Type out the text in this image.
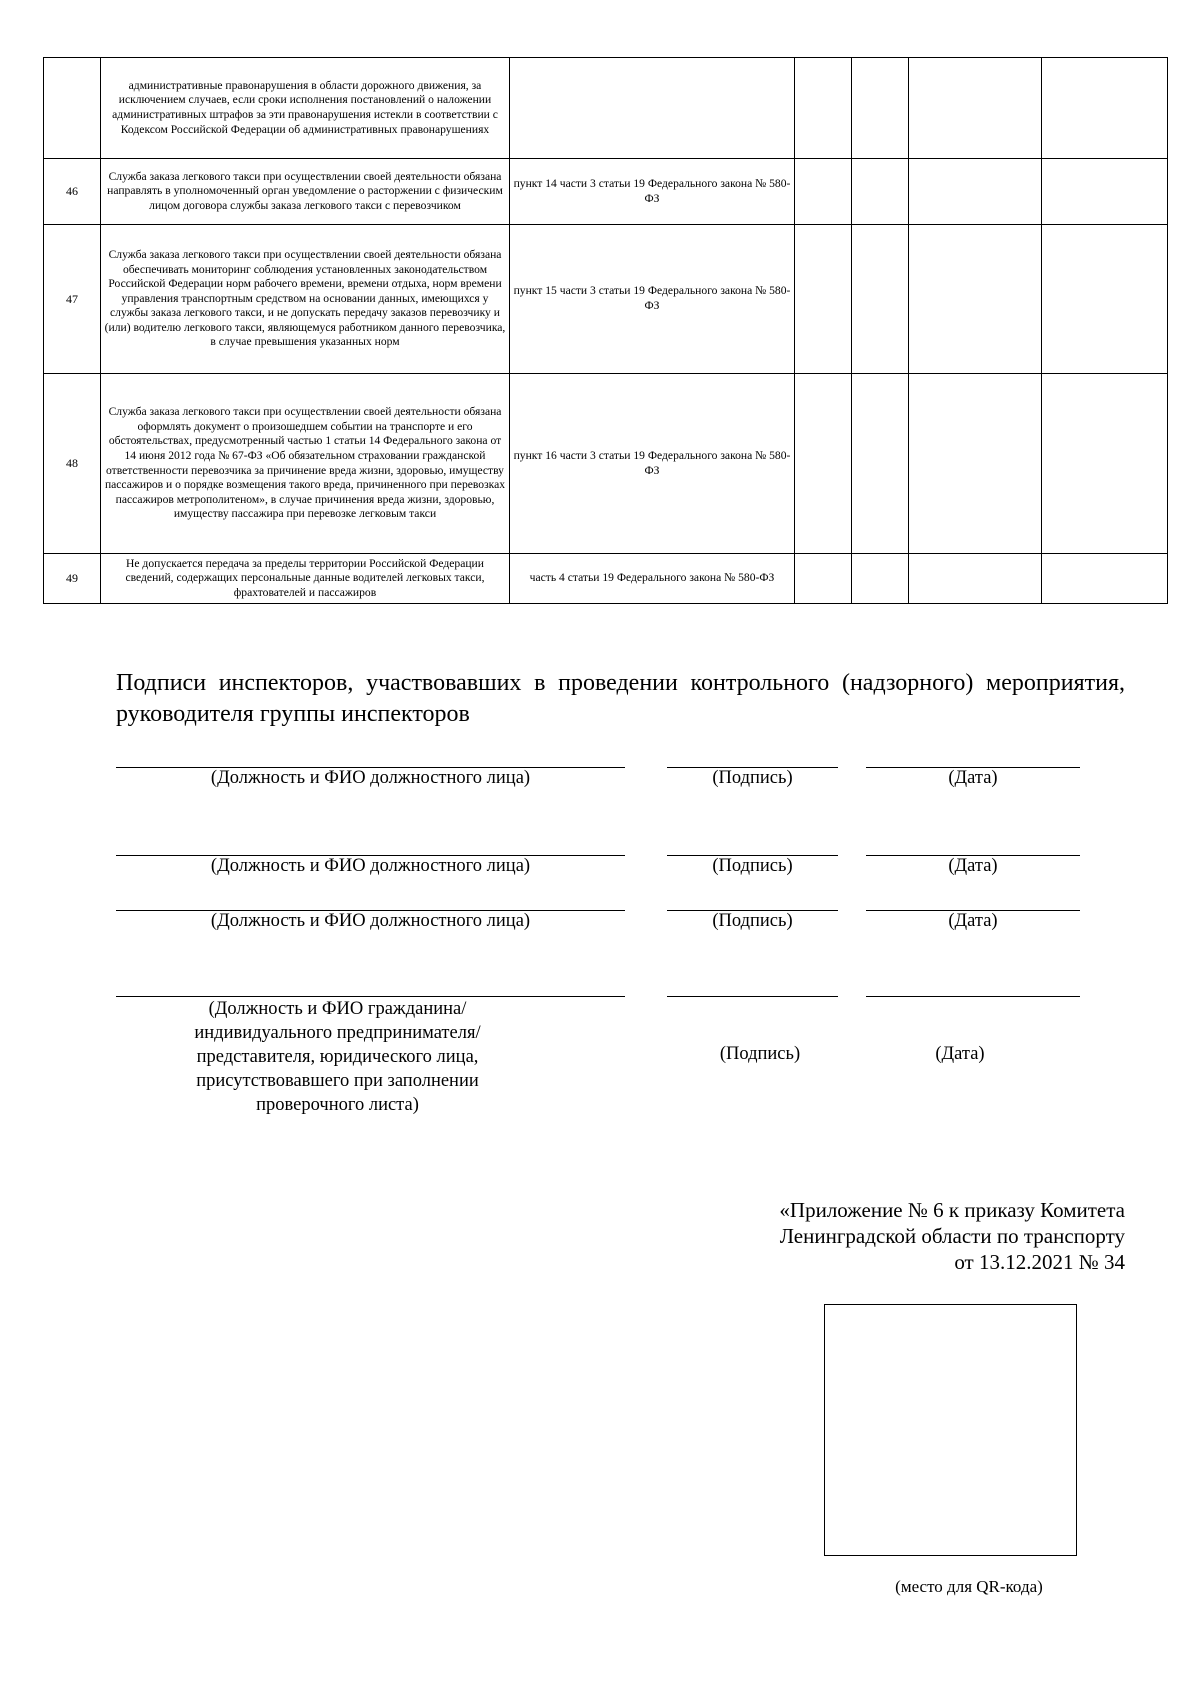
	административные правонарушения в области дорожного движения, за исключением случаев, если сроки исполнения постановлений о наложении административных штрафов за эти правонарушения истекли в соответствии с Кодексом Российской Федерации об административных правонарушениях					
46	Служба заказа легкового такси при осуществлении своей деятельности обязана направлять в уполномоченный орган уведомление о расторжении с физическим лицом договора службы заказа легкового такси с перевозчиком	пункт 14 части 3 статьи 19 Федерального закона № 580-ФЗ				
47	Служба заказа легкового такси при осуществлении своей деятельности обязана обеспечивать мониторинг соблюдения установленных законодательством Российской Федерации норм рабочего времени, времени отдыха, норм времени управления транспортным средством на основании данных, имеющихся у службы заказа легкового такси, и не допускать передачу заказов перевозчику и (или) водителю легкового такси, являющемуся работником данного перевозчика, в случае превышения указанных норм	пункт 15 части 3 статьи 19 Федерального закона № 580-ФЗ				
48	Служба заказа легкового такси при осуществлении своей деятельности обязана оформлять документ о произошедшем событии на транспорте и его обстоятельствах, предусмотренный частью 1 статьи 14 Федерального закона от 14 июня 2012 года № 67-ФЗ «Об обязательном страховании гражданской ответственности перевозчика за причинение вреда жизни, здоровью, имуществу пассажиров и о порядке возмещения такого вреда, причиненного при перевозках пассажиров метрополитеном», в случае причинения вреда жизни, здоровью, имуществу пассажира при перевозке легковым такси	пункт 16 части 3 статьи 19 Федерального закона № 580-ФЗ				
49	Не допускается передача за пределы территории Российской Федерации сведений, содержащих персональные данные водителей легковых такси, фрахтователей и пассажиров	часть 4 статьи 19 Федерального закона № 580-ФЗ				
Подписи инспекторов, участвовавших в проведении контрольного (надзорного) мероприятия, руководителя группы инспекторов
(Должность и ФИО должностного лица)	(Подпись)	(Дата)
(Должность и ФИО должностного лица)	(Подпись)	(Дата)
(Должность и ФИО должностного лица)	(Подпись)	(Дата)
(Должность и ФИО гражданина/индивидуального предпринимателя/представителя, юридического лица, присутствовавшего при заполнении проверочного листа)
(Подпись)	(Дата)
«Приложение № 6 к приказу Комитета
Ленинградской области по транспорту
от 13.12.2021 № 34
(место для QR-кода)
